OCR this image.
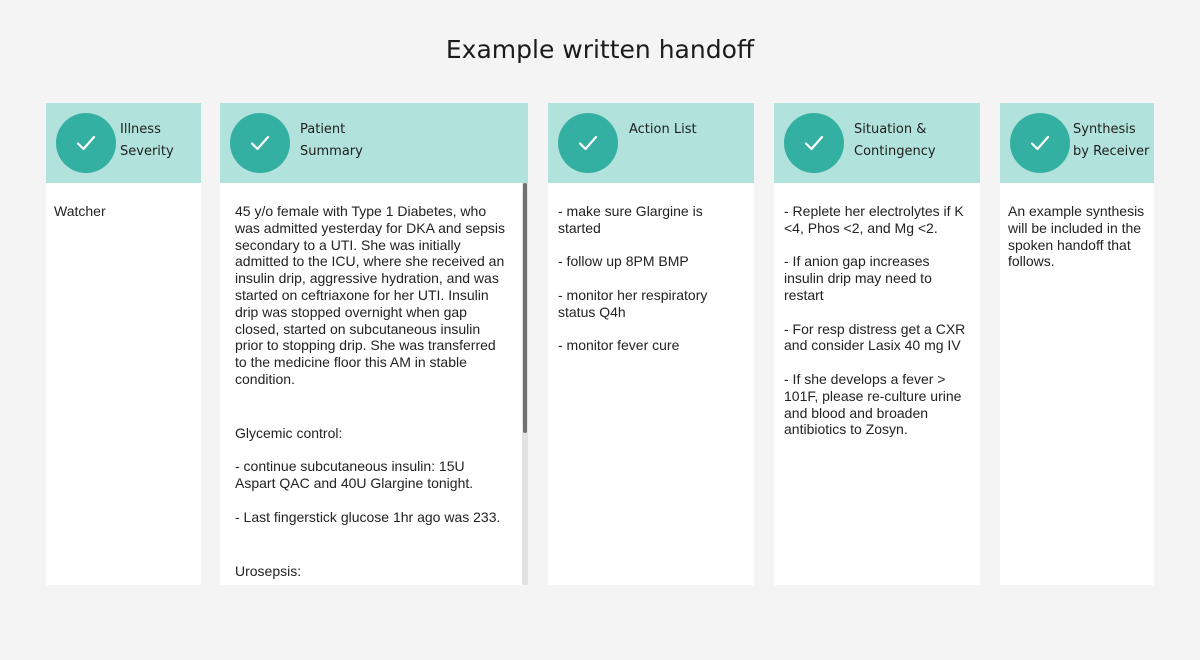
Example written handoff
Illness
Severity

Watcher

Patient
Summary

45 y/o female with Type 1 Diabetes, who was admitted yesterday for DKA and sepsis secondary to a UTI. She was initially admitted to the ICU, where she received an insulin drip, aggressive hydration, and was started on ceftriaxone for her UTI. Insulin drip was stopped overnight when gap closed, started on subcutaneous insulin prior to stopping drip. She was transferred to the medicine floor this AM in stable condition.

Glycemic control:

- continue subcutaneous insulin: 15U Aspart QAC and 40U Glargine tonight.

- Last fingerstick glucose 1hr ago was 233.

Urosepsis:

Action List

- make sure Glargine is started

- follow up 8PM BMP

- monitor her respiratory status Q4h

- monitor fever cure

Situation &
Contingency

- Replete her electrolytes if K <4, Phos <2, and Mg <2.

- If anion gap increases insulin drip may need to restart

- For resp distress get a CXR and consider Lasix 40 mg IV

- If she develops a fever > 101F, please re-culture urine and blood and broaden antibiotics to Zosyn.

Synthesis
by Receiver

An example synthesis will be included in the spoken handoff that follows.
